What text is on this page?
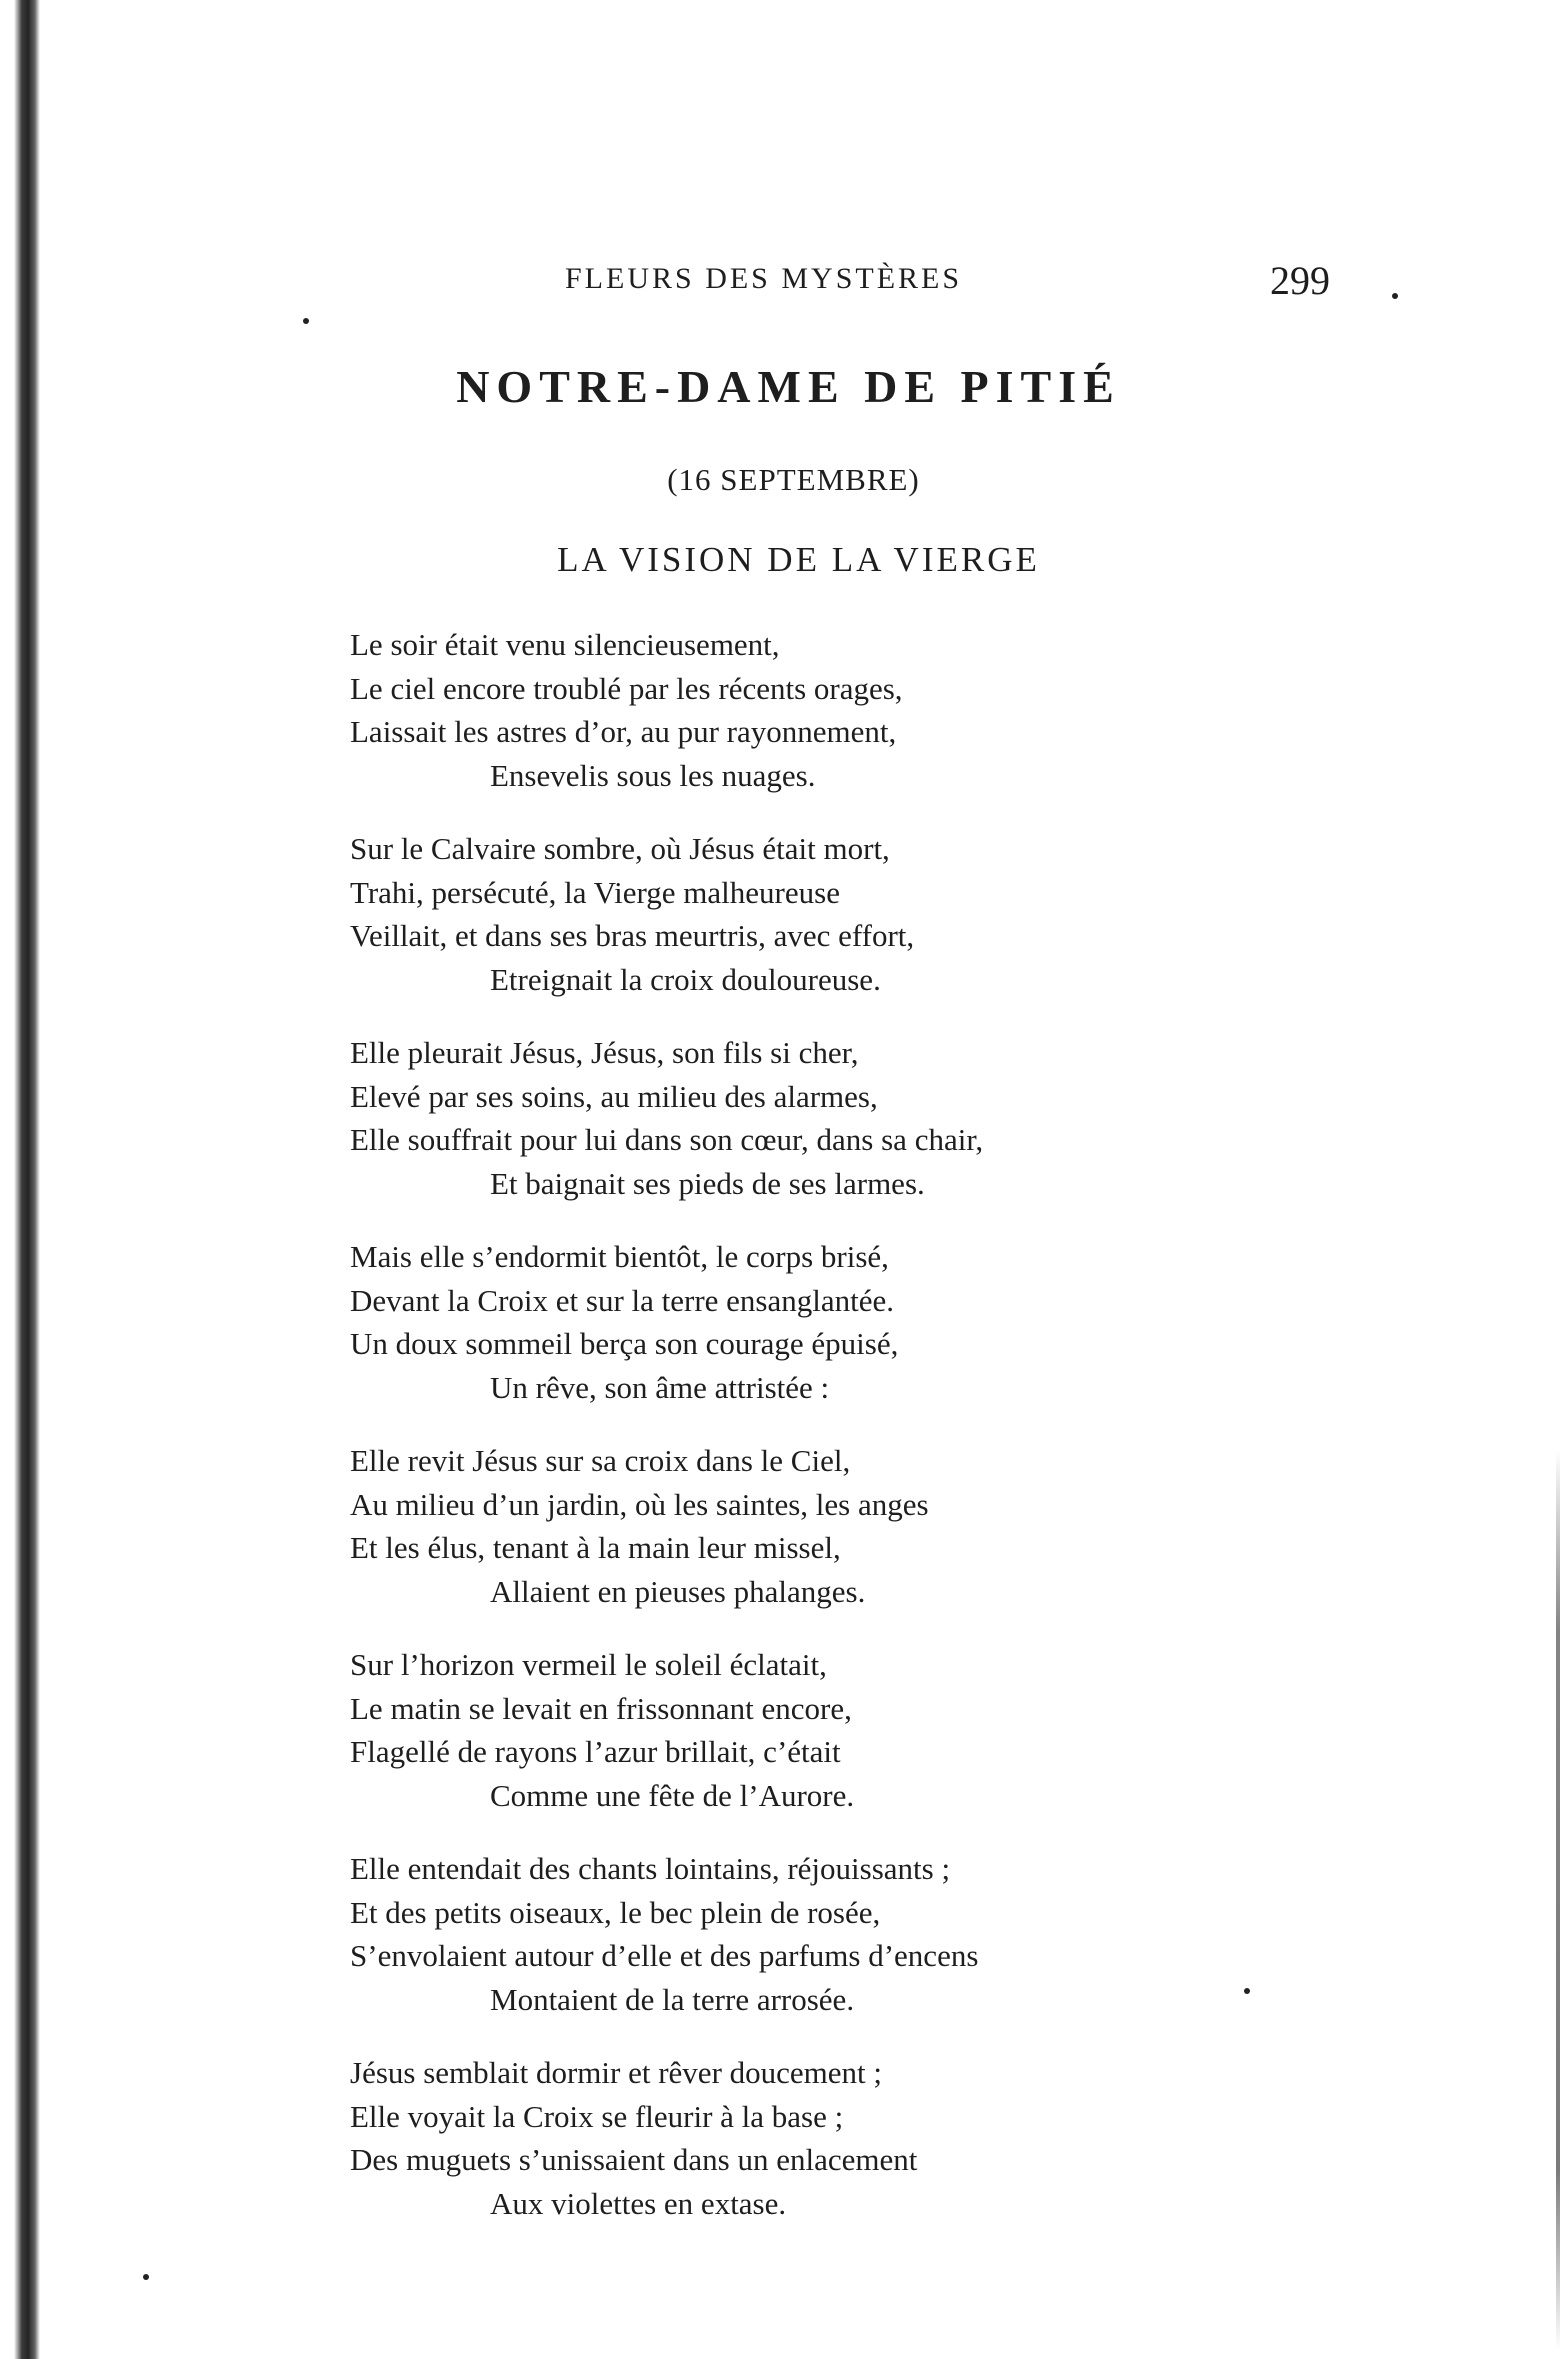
FLEURS DES MYSTÈRES	299
NOTRE-DAME DE PITIÉ
(16 SEPTEMBRE)
LA VISION DE LA VIERGE
Le soir était venu silencieusement,
Le ciel encore troublé par les récents orages,
Laissait les astres d’or, au pur rayonnement,
Ensevelis sous les nuages.
Sur le Calvaire sombre, où Jésus était mort,
Trahi, persécuté, la Vierge malheureuse
Veillait, et dans ses bras meurtris, avec effort,
Etreignait la croix douloureuse.
Elle pleurait Jésus, Jésus, son fils si cher,
Elevé par ses soins, au milieu des alarmes,
Elle souffrait pour lui dans son cœur, dans sa chair,
Et baignait ses pieds de ses larmes.
Mais elle s’endormit bientôt, le corps brisé,
Devant la Croix et sur la terre ensanglantée.
Un doux sommeil berça son courage épuisé,
Un rêve, son âme attristée :
Elle revit Jésus sur sa croix dans le Ciel,
Au milieu d’un jardin, où les saintes, les anges
Et les élus, tenant à la main leur missel,
Allaient en pieuses phalanges.
Sur l’horizon vermeil le soleil éclatait,
Le matin se levait en frissonnant encore,
Flagellé de rayons l’azur brillait, c’était
Comme une fête de l’Aurore.
Elle entendait des chants lointains, réjouissants ;
Et des petits oiseaux, le bec plein de rosée,
S’envolaient autour d’elle et des parfums d’encens
Montaient de la terre arrosée.
Jésus semblait dormir et rêver doucement ;
Elle voyait la Croix se fleurir à la base ;
Des muguets s’unissaient dans un enlacement
Aux violettes en extase.
